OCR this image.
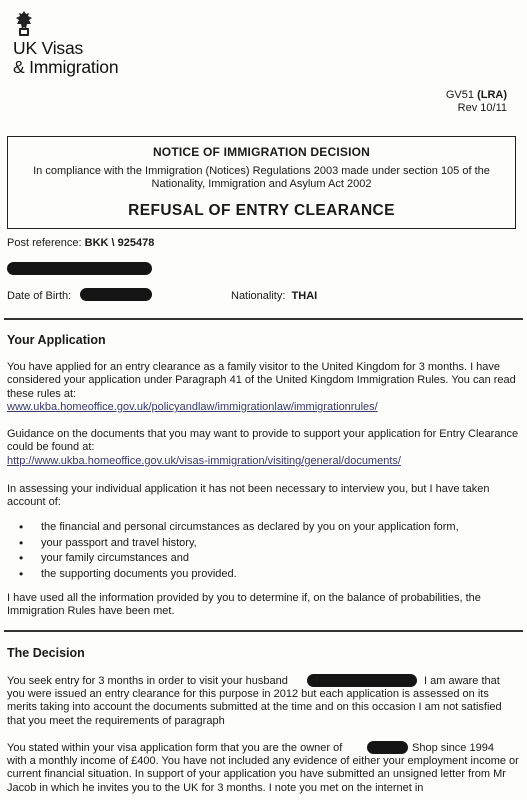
UK Visas
& Immigration
GV51 (LRA)
Rev 10/11
NOTICE OF IMMIGRATION DECISION
In compliance with the Immigration (Notices) Regulations 2003 made under section 105 of the Nationality, Immigration and Asylum Act 2002
REFUSAL OF ENTRY CLEARANCE
Post reference: BKK \ 925478
Date of Birth:	Nationality: THAI
Your Application
You have applied for an entry clearance as a family visitor to the United Kingdom for 3 months. I have considered your application under Paragraph 41 of the United Kingdom Immigration Rules. You can read these rules at:
www.ukba.homeoffice.gov.uk/policyandlaw/immigrationlaw/immigrationrules/
Guidance on the documents that you may want to provide to support your application for Entry Clearance could be found at:
http://www.ukba.homeoffice.gov.uk/visas-immigration/visiting/general/documents/
In assessing your individual application it has not been necessary to interview you, but I have taken account of:
• the financial and personal circumstances as declared by you on your application form,
• your passport and travel history,
• your family circumstances and
• the supporting documents you provided.
I have used all the information provided by you to determine if, on the balance of probabilities, the Immigration Rules have been met.
The Decision
You seek entry for 3 months in order to visit your husband	I am aware that
you were issued an entry clearance for this purpose in 2012 but each application is assessed on its merits taking into account the documents submitted at the time and on this occasion I am not satisfied that you meet the requirements of paragraph
You stated within your visa application form that you are the owner of	Shop since 1994
with a monthly income of £400. You have not included any evidence of either your employment income or current financial situation. In support of your application you have submitted an unsigned letter from Mr Jacob in which he invites you to the UK for 3 months. I note you met on the internet in
